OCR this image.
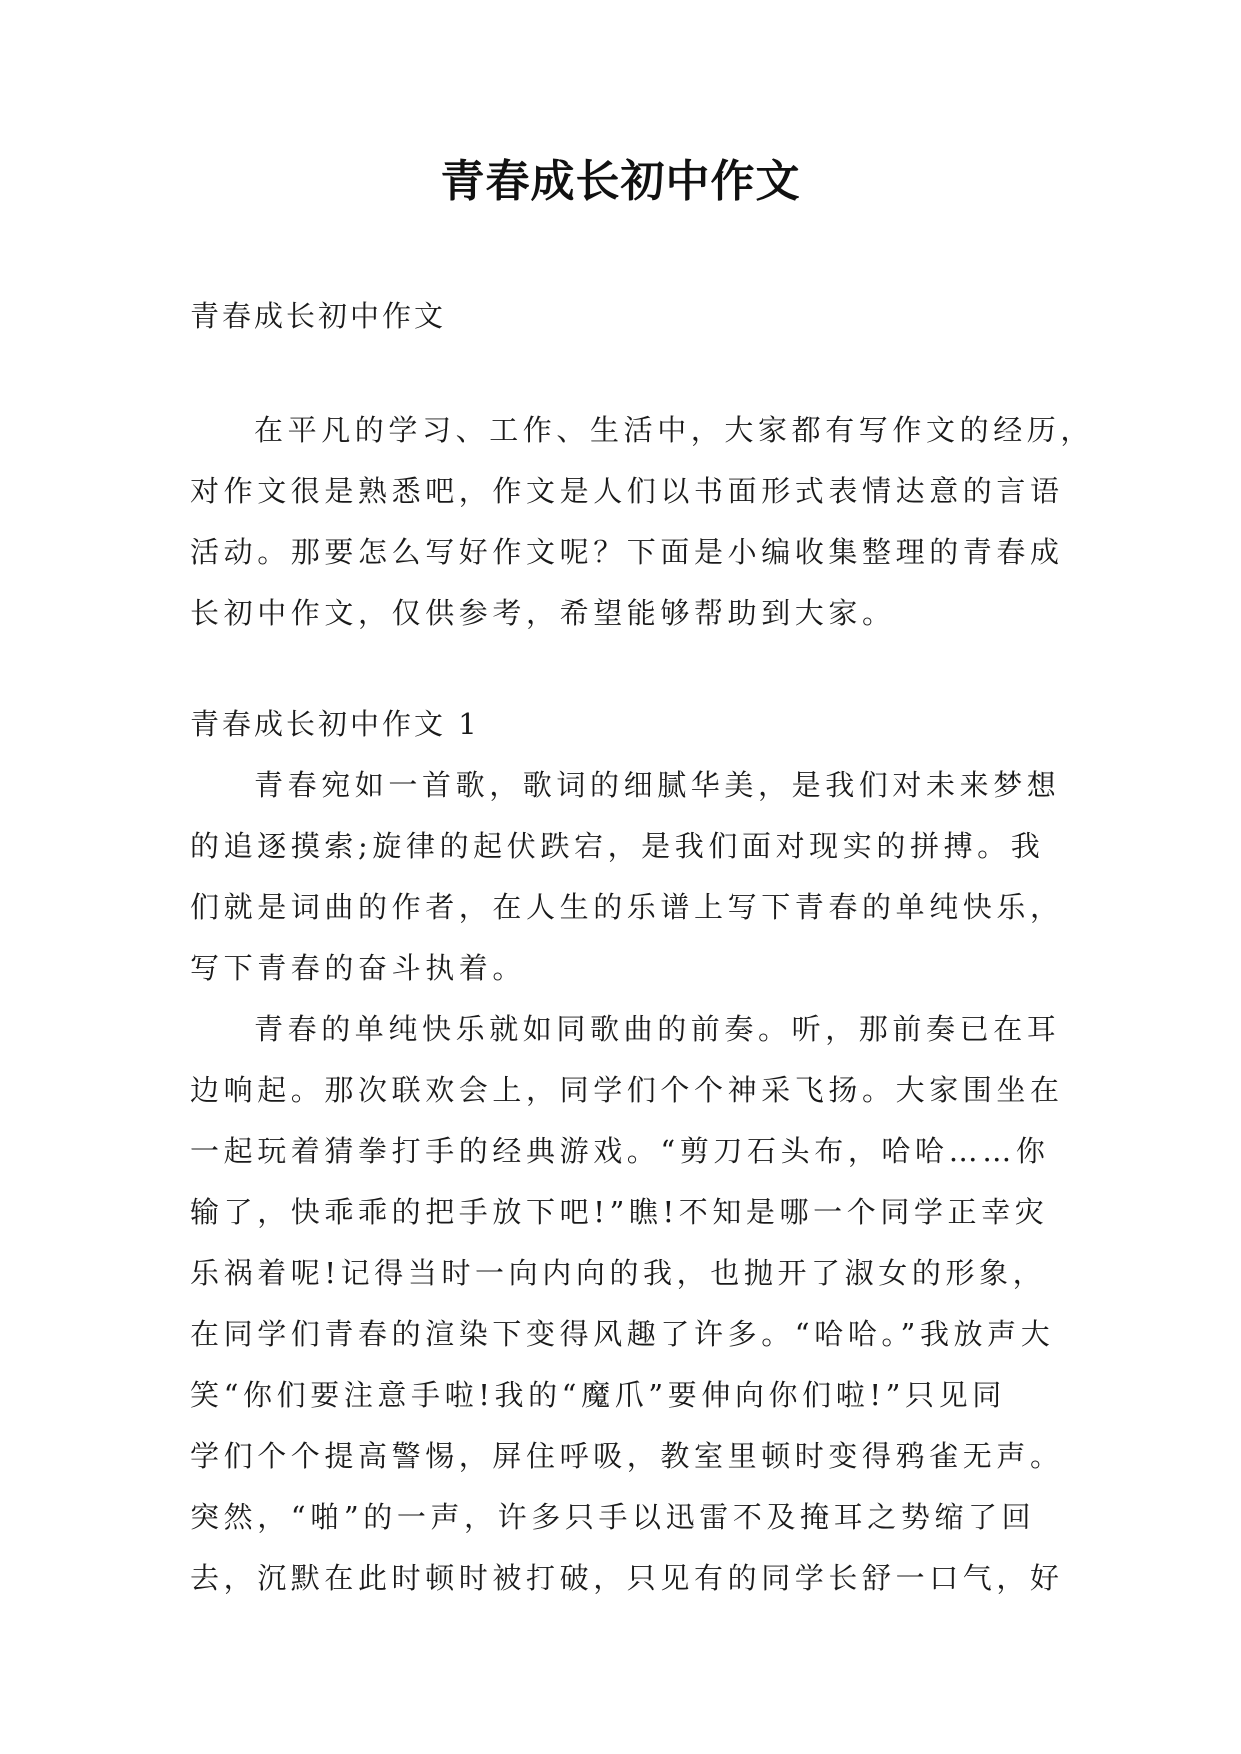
青春成长初中作文

青春成长初中作文

在平凡的学习、工作、生活中，大家都有写作文的经历，

对作文很是熟悉吧，作文是人们以书面形式表情达意的言语

活动。那要怎么写好作文呢？下面是小编收集整理的青春成

长初中作文，仅供参考，希望能够帮助到大家。

青春成长初中作文 1

青春宛如一首歌，歌词的细腻华美，是我们对未来梦想

的追逐摸索;旋律的起伏跌宕，是我们面对现实的拼搏。我

们就是词曲的作者，在人生的乐谱上写下青春的单纯快乐，

写下青春的奋斗执着。

青春的单纯快乐就如同歌曲的前奏。听，那前奏已在耳

边响起。那次联欢会上，同学们个个神采飞扬。大家围坐在

一起玩着猜拳打手的经典游戏。“剪刀石头布，哈哈……你

输了，快乖乖的把手放下吧!”瞧!不知是哪一个同学正幸灾

乐祸着呢!记得当时一向内向的我，也抛开了淑女的形象，

在同学们青春的渲染下变得风趣了许多。“哈哈。”我放声大

笑“你们要注意手啦!我的“魔爪”要伸向你们啦!”只见同

学们个个提高警惕，屏住呼吸，教室里顿时变得鸦雀无声。

突然，“啪”的一声，许多只手以迅雷不及掩耳之势缩了回

去，沉默在此时顿时被打破，只见有的同学长舒一口气，好
